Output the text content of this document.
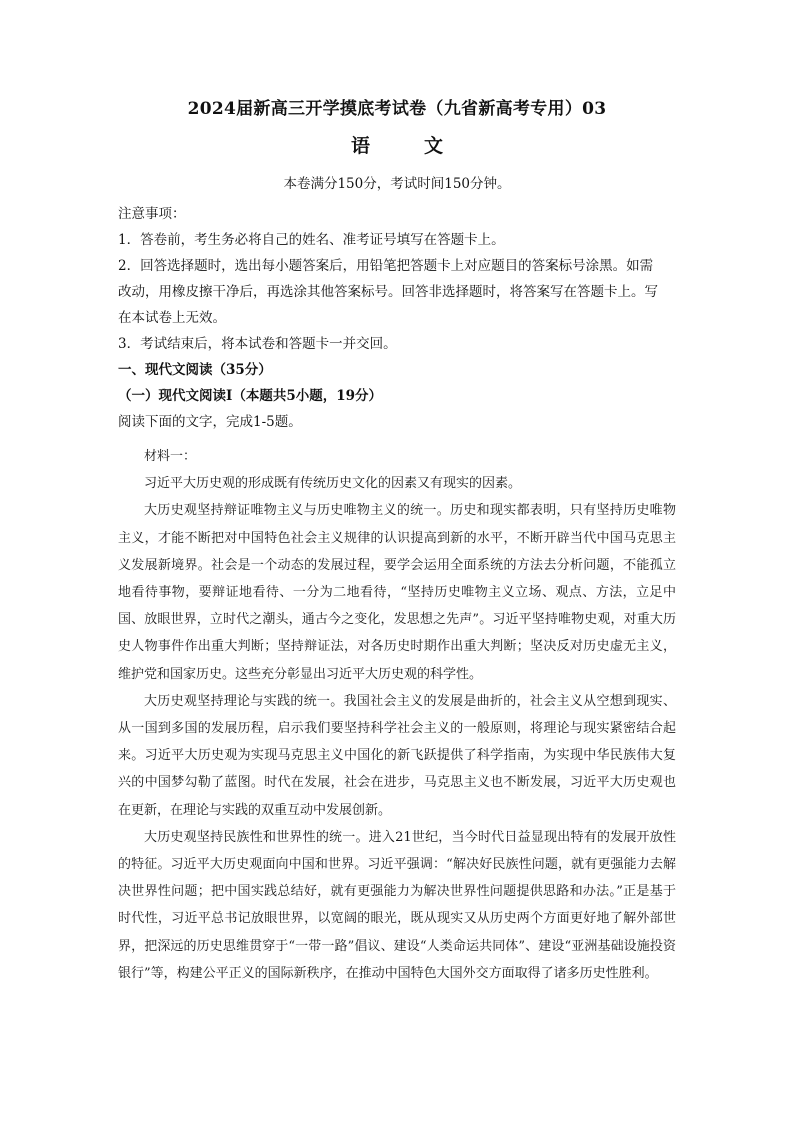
2024届新高三开学摸底考试卷（九省新高考专用）03
语文
本卷满分150分，考试时间150分钟。
注意事项：
1．答卷前，考生务必将自己的姓名、准考证号填写在答题卡上。
2．回答选择题时，选出每小题答案后，用铅笔把答题卡上对应题目的答案标号涂黑。如需
改动，用橡皮擦干净后，再选涂其他答案标号。回答非选择题时，将答案写在答题卡上。写
在本试卷上无效。
3．考试结束后，将本试卷和答题卡一并交回。
一、现代文阅读（35分）
（一）现代文阅读Ⅰ（本题共5小题，19分）
阅读下面的文字，完成1-5题。

材料一：

习近平大历史观的形成既有传统历史文化的因素又有现实的因素。

大历史观坚持辩证唯物主义与历史唯物主义的统一。历史和现实都表明，只有坚持历史唯物主义，才能不断把对中国特色社会主义规律的认识提高到新的水平，不断开辟当代中国马克思主义发展新境界。社会是一个动态的发展过程，要学会运用全面系统的方法去分析问题，不能孤立地看待事物，要辩证地看待、一分为二地看待，“坚持历史唯物主义立场、观点、方法，立足中国、放眼世界，立时代之潮头，通古今之变化，发思想之先声”。习近平坚持唯物史观，对重大历史人物事件作出重大判断；坚持辩证法，对各历史时期作出重大判断；坚决反对历史虚无主义，维护党和国家历史。这些充分彰显出习近平大历史观的科学性。

大历史观坚持理论与实践的统一。我国社会主义的发展是曲折的，社会主义从空想到现实、从一国到多国的发展历程，启示我们要坚持科学社会主义的一般原则，将理论与现实紧密结合起来。习近平大历史观为实现马克思主义中国化的新飞跃提供了科学指南，为实现中华民族伟大复兴的中国梦勾勒了蓝图。时代在发展，社会在进步，马克思主义也不断发展，习近平大历史观也在更新，在理论与实践的双重互动中发展创新。

大历史观坚持民族性和世界性的统一。进入21世纪，当今时代日益显现出特有的发展开放性的特征。习近平大历史观面向中国和世界。习近平强调：“解决好民族性问题，就有更强能力去解决世界性问题；把中国实践总结好，就有更强能力为解决世界性问题提供思路和办法。”正是基于时代性，习近平总书记放眼世界，以宽阔的眼光，既从现实又从历史两个方面更好地了解外部世界，把深远的历史思维贯穿于“一带一路”倡议、建设“人类命运共同体”、建设“亚洲基础设施投资银行”等，构建公平正义的国际新秩序，在推动中国特色大国外交方面取得了诸多历史性胜利。
